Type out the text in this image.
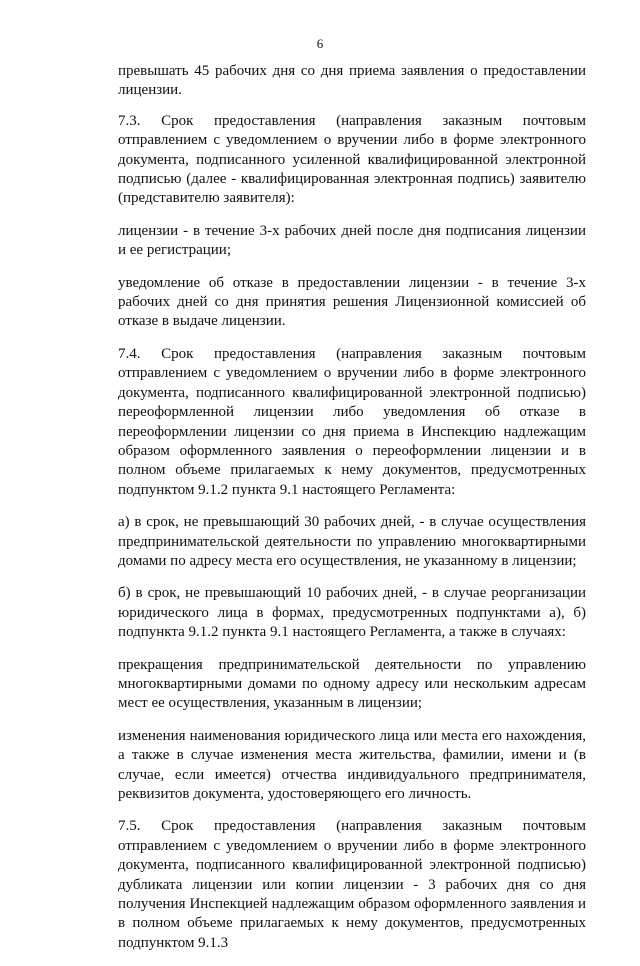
6

превышать 45 рабочих дня со дня приема заявления о предоставлении лицензии.

7.3. Срок предоставления (направления заказным почтовым отправлением с уведомлением о вручении либо в форме электронного документа, подписанного усиленной квалифицированной электронной подписью (далее - квалифицированная электронная подпись) заявителю (представителю заявителя):

лицензии - в течение 3-х рабочих дней после дня подписания лицензии и ее регистрации;

уведомление об отказе в предоставлении лицензии - в течение 3-х рабочих дней со дня принятия решения Лицензионной комиссией об отказе в выдаче лицензии.

7.4. Срок предоставления (направления заказным почтовым отправлением с уведомлением о вручении либо в форме электронного документа, подписанного квалифицированной электронной подписью) переоформленной лицензии либо уведомления об отказе в переоформлении лицензии со дня приема в Инспекцию надлежащим образом оформленного заявления о переоформлении лицензии и в полном объеме прилагаемых к нему документов, предусмотренных подпунктом 9.1.2 пункта 9.1 настоящего Регламента:

а) в срок, не превышающий 30 рабочих дней, - в случае осуществления предпринимательской деятельности по управлению многоквартирными домами по адресу места его осуществления, не указанному в лицензии;

б) в срок, не превышающий 10 рабочих дней, - в случае реорганизации юридического лица в формах, предусмотренных подпунктами а), б) подпункта 9.1.2 пункта 9.1 настоящего Регламента, а также в случаях:

прекращения предпринимательской деятельности по управлению многоквартирными домами по одному адресу или нескольким адресам мест ее осуществления, указанным в лицензии;

изменения наименования юридического лица или места его нахождения, а также в случае изменения места жительства, фамилии, имени и (в случае, если имеется) отчества индивидуального предпринимателя, реквизитов документа, удостоверяющего его личность.

7.5. Срок предоставления (направления заказным почтовым отправлением с уведомлением о вручении либо в форме электронного документа, подписанного квалифицированной электронной подписью) дубликата лицензии или копии лицензии - 3 рабочих дня со дня получения Инспекцией надлежащим образом оформленного заявления и в полном объеме прилагаемых к нему документов, предусмотренных подпунктом 9.1.3
